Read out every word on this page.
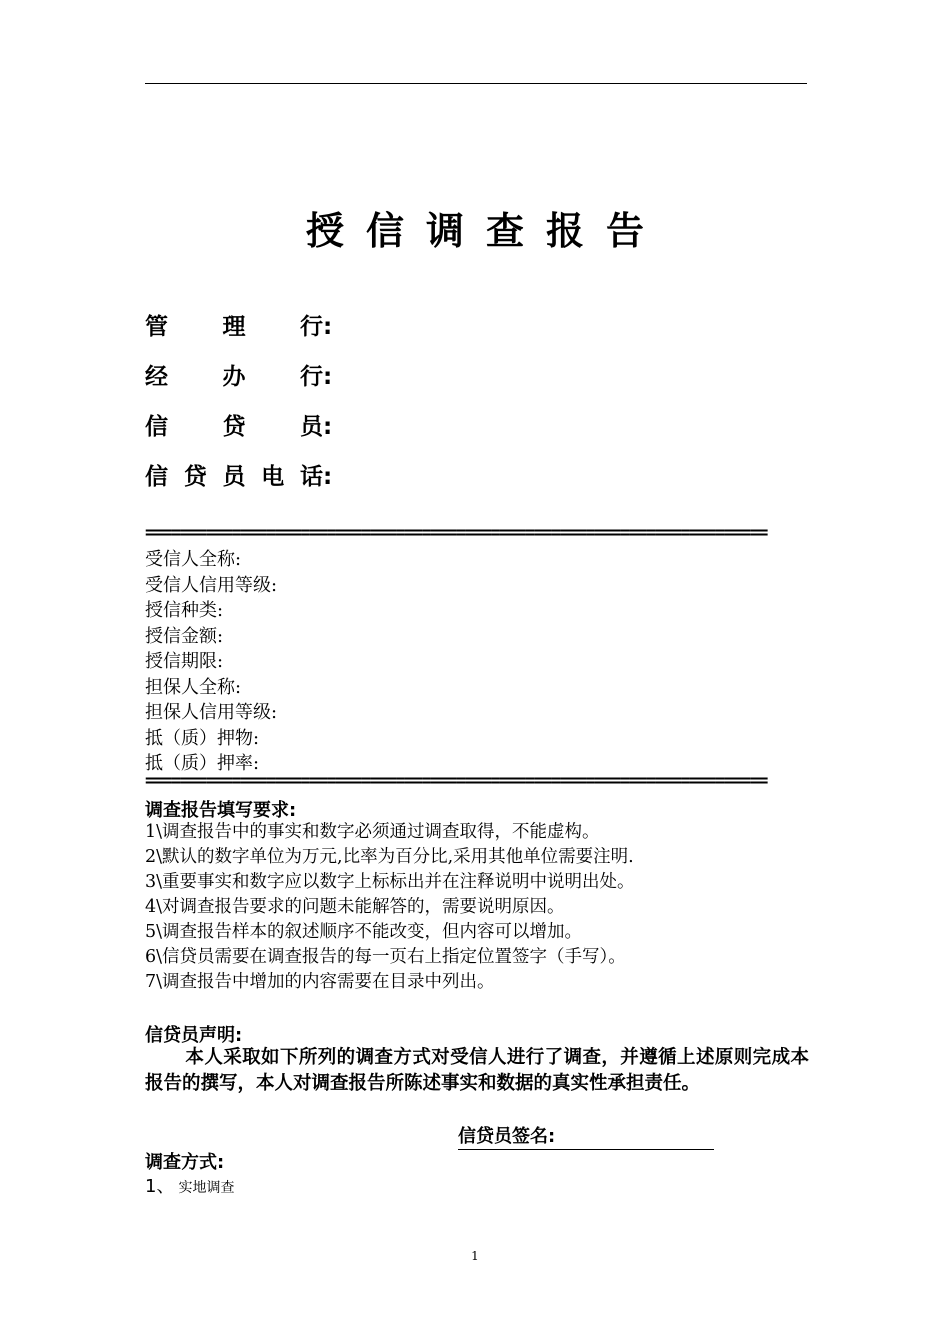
授信调查报告
管 理 行 :
经 办 行 :
信 贷 员 :
信 贷 员 电 话 :
========================================================================
受信人全称:
受信人信用等级:
授信种类:
授信金额:
授信期限:
担保人全称:
担保人信用等级:
抵（质）押物:
抵（质）押率:
========================================================================
调查报告填写要求:
1\调查报告中的事实和数字必须通过调查取得，不能虚构。
2\默认的数字单位为万元,比率为百分比,采用其他单位需要注明.
3\重要事实和数字应以数字上标标出并在注释说明中说明出处。
4\对调查报告要求的问题未能解答的，需要说明原因。
5\调查报告样本的叙述顺序不能改变，但内容可以增加。
6\信贷员需要在调查报告的每一页右上指定位置签字（手写）。
7\调查报告中增加的内容需要在目录中列出。
信贷员声明:
本人采取如下所列的调查方式对受信人进行了调查，并遵循上述原则完成本报告的撰写，本人对调查报告所陈述事实和数据的真实性承担责任。
信贷员签名:
调查方式:
1、 实地调查
1
